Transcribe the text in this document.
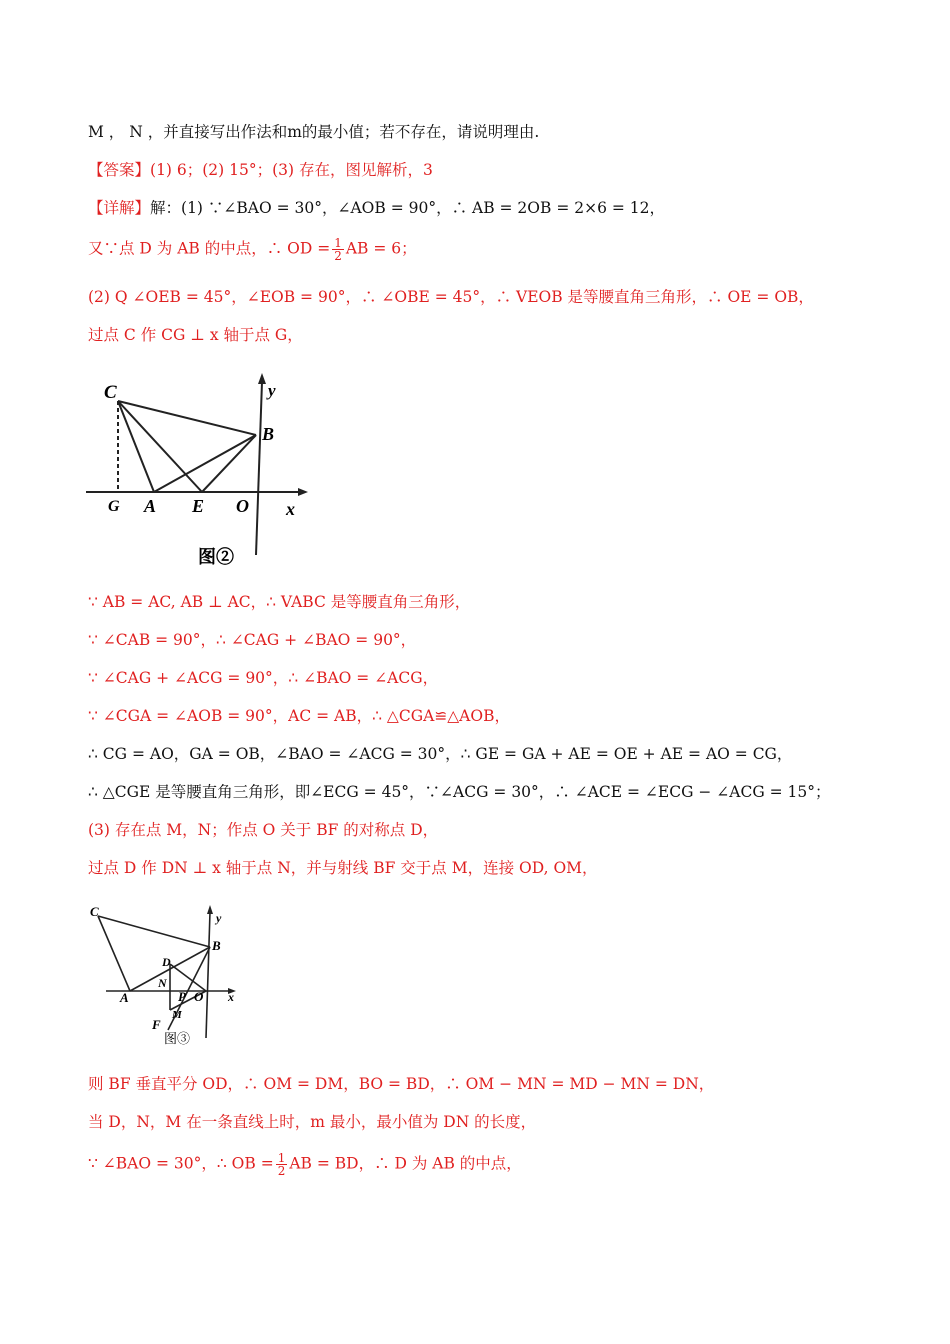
M ， N ，并直接写出作法和m的最小值；若不存在，请说明理由.
【答案】(1) 6；(2) 15°；(3) 存在，图见解析，3
【详解】解：(1) ∵∠BAO = 30°，∠AOB = 90°，∴ AB = 2OB = 2×6 = 12，
又∵点 D 为 AB 的中点，∴ OD = $\frac{1}{2}$ AB = 6；
(2) Q ∠OEB = 45°，∠EOB = 90°，∴ ∠OBE = 45°，∴ VEOB 是等腰直角三角形，∴ OE = OB，
过点 C 作 CG ⊥ x 轴于点 G，
C
B
y
G A E O x
图②
∵ AB = AC, AB ⊥ AC，∴ VABC 是等腰直角三角形，
∵ ∠CAB = 90°，∴ ∠CAG + ∠BAO = 90°，
∵ ∠CAG + ∠ACG = 90°，∴ ∠BAO = ∠ACG，
∵ ∠CGA = ∠AOB = 90°，AC = AB，∴ △CGA≌△AOB，
∴ CG = AO，GA = OB，∠BAO = ∠ACG = 30°，∴ GE = GA + AE = OE + AE = AO = CG，
∴ △CGE 是等腰直角三角形，即∠ECG = 45°，∵∠ACG = 30°，∴ ∠ACE = ∠ECG − ∠ACG = 15°；
(3) 存在点 M，N；作点 O 关于 BF 的对称点 D，
过点 D 作 DN ⊥ x 轴于点 N，并与射线 BF 交于点 M，连接 OD, OM，
C	y
B
D
N
A	P O x
M
F
图③
则 BF 垂直平分 OD，∴ OM = DM，BO = BD，∴ OM − MN = MD − MN = DN，
当 D，N，M 在一条直线上时，m 最小，最小值为 DN 的长度，
∵ ∠BAO = 30°，∴ OB = $\frac{1}{2}$ AB = BD，∴ D 为 AB 的中点，
